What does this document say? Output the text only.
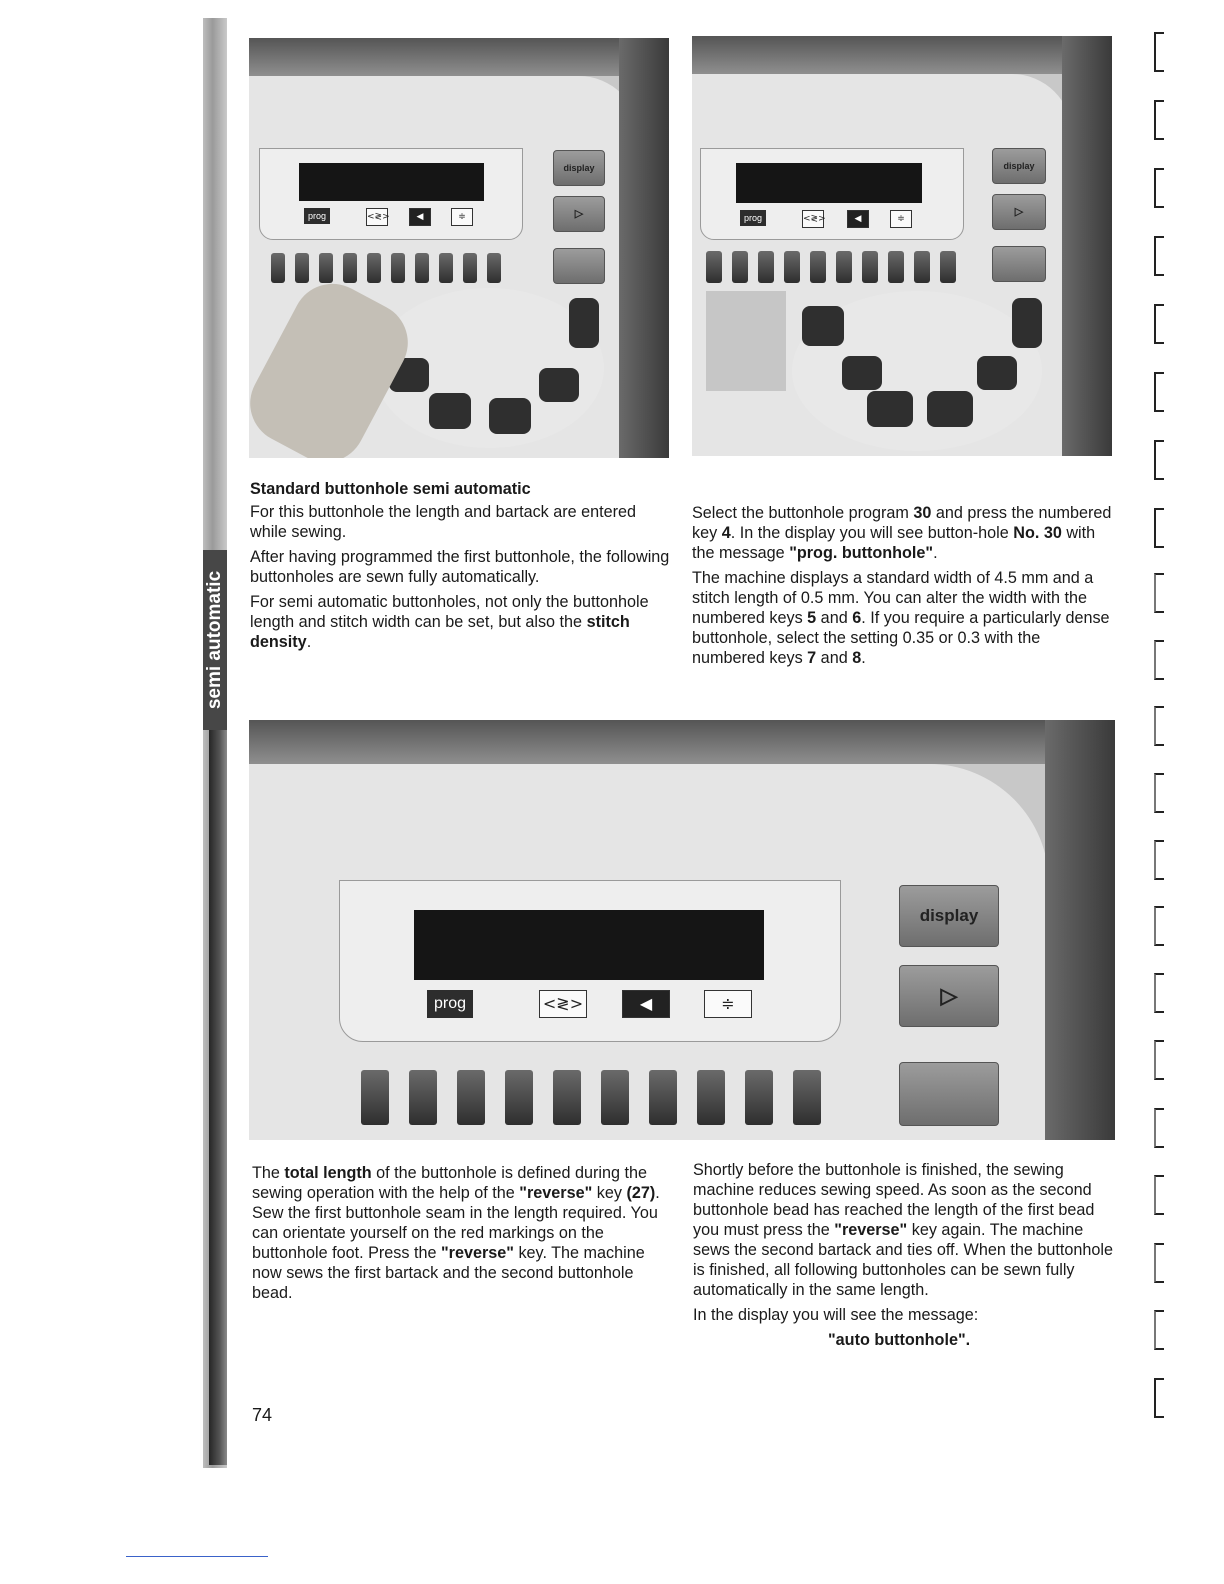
semi automatic
prog	<≷>	◀	≑
display
▷	prog	<≷>	◀	≑
display
▷
Standard buttonhole semi automatic

For this buttonhole the length and bartack are entered while sewing.

After having programmed the first buttonhole, the following buttonholes are sewn fully automatically.

For semi automatic buttonholes, not only the buttonhole length and stitch width can be set, but also the stitch density.

Select the buttonhole program 30 and press the numbered key 4. In the display you will see button-hole No. 30 with the message "prog. buttonhole".

The machine displays a standard width of 4.5 mm and a stitch length of 0.5 mm. You can alter the width with the numbered keys 5 and 6. If you require a particularly dense buttonhole, select the setting 0.35 or 0.3 with the numbered keys 7 and 8.

prog	<≷>	◀	≑
display
▷

The total length of the buttonhole is defined during the sewing operation with the help of the "reverse" key (27). Sew the first buttonhole seam in the length required. You can orientate yourself on the red markings on the buttonhole foot. Press the "reverse" key. The machine now sews the first bartack and the second buttonhole bead.

Shortly before the buttonhole is finished, the sewing machine reduces sewing speed. As soon as the second buttonhole bead has reached the length of the first bead you must press the "reverse" key again. The machine sews the second bartack and ties off. When the buttonhole is finished, all following buttonholes can be sewn fully automatically in the same length.

In the display you will see the message:

"auto buttonhole".

74
